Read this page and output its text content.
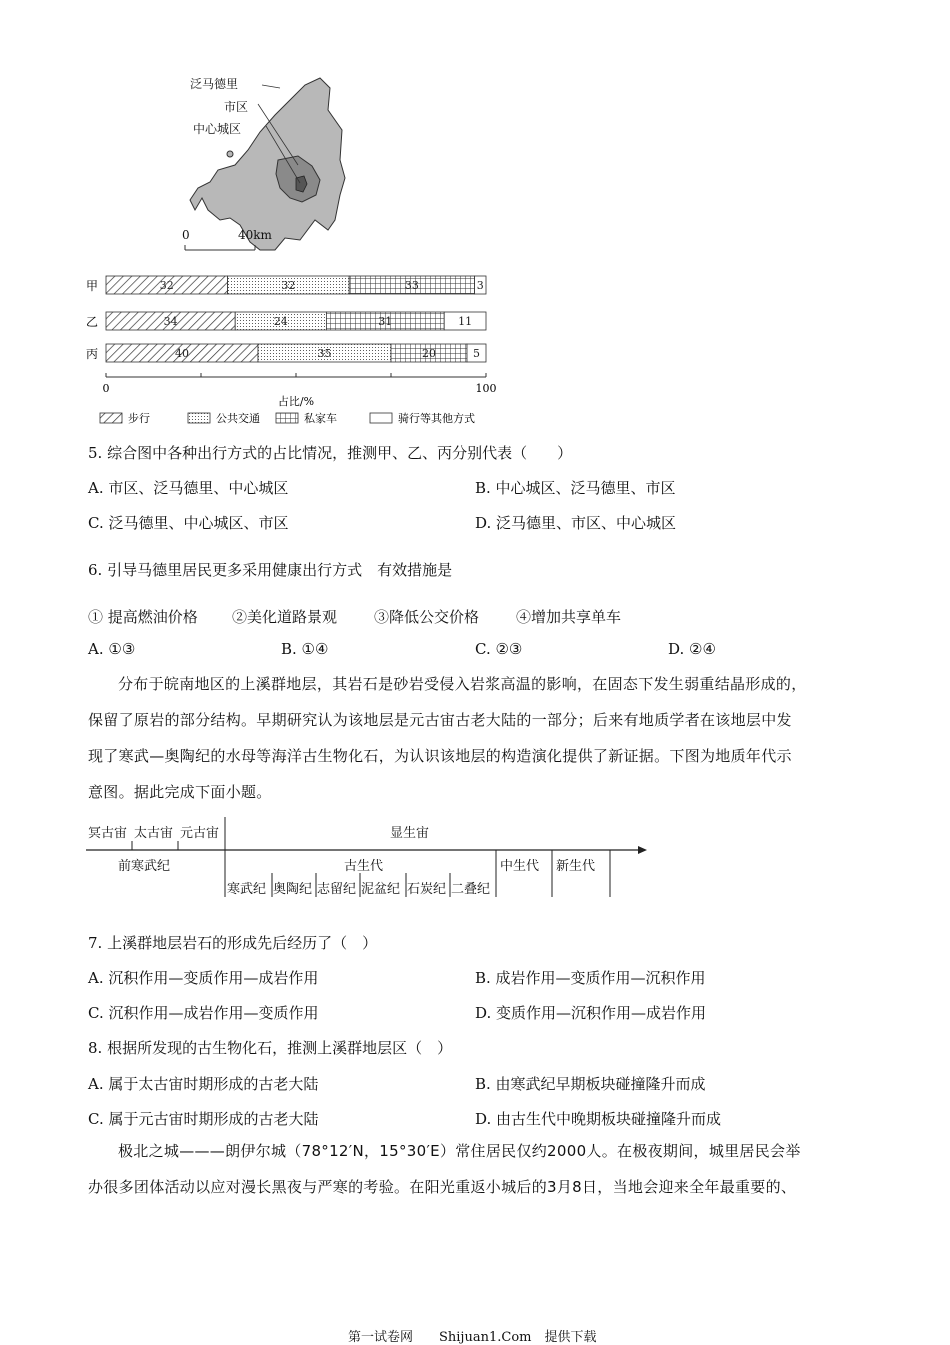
泛马德里
市区
中心城区
0	40km
甲	32	32	33	3
乙	34	24	31	11
丙	40	35	20	5
0	100
占比/%
步行	公共交通	私家车	骑行等其他方式
5. 综合图中各种出行方式的占比情况，推测甲、乙、丙分别代表（　　）
A. 市区、泛马德里、中心城区	B. 中心城区、泛马德里、市区
C. 泛马德里、中心城区、市区	D. 泛马德里、市区、中心城区
6. 引导马德里居民更多采用健康出行方式　有效措施是
① 提高燃油价格 ②美化道路景观 ③降低公交价格 ④增加共享单车
A. ①③	B. ①④	C. ②③	D. ②④
分布于皖南地区的上溪群地层，其岩石是砂岩受侵入岩浆高温的影响，在固态下发生弱重结晶形成的，
保留了原岩的部分结构。早期研究认为该地层是元古宙古老大陆的一部分；后来有地质学者在该地层中发
现了寒武—奥陶纪的水母等海洋古生物化石，为认识该地层的构造演化提供了新证据。下图为地质年代示
意图。据此完成下面小题。
冥古宙 太古宙 元古宙	显生宙
前寒武纪	古生代	中生代 新生代
寒武纪 奥陶纪 志留纪 泥盆纪 石炭纪 二叠纪
7. 上溪群地层岩石的形成先后经历了（　）
A. 沉积作用—变质作用—成岩作用	B. 成岩作用—变质作用—沉积作用
C. 沉积作用—成岩作用—变质作用	D. 变质作用—沉积作用—成岩作用
8. 根据所发现的古生物化石，推测上溪群地层区（　）
A. 属于太古宙时期形成的古老大陆	B. 由寒武纪早期板块碰撞隆升而成
C. 属于元古宙时期形成的古老大陆	D. 由古生代中晚期板块碰撞隆升而成
极北之城———朗伊尔城（78°12′N，15°30′E）常住居民仅约2000人。在极夜期间，城里居民会举
办很多团体活动以应对漫长黑夜与严寒的考验。在阳光重返小城后的3月8日，当地会迎来全年最重要的、
第一试卷网　　Shijuan1.Com　提供下载
